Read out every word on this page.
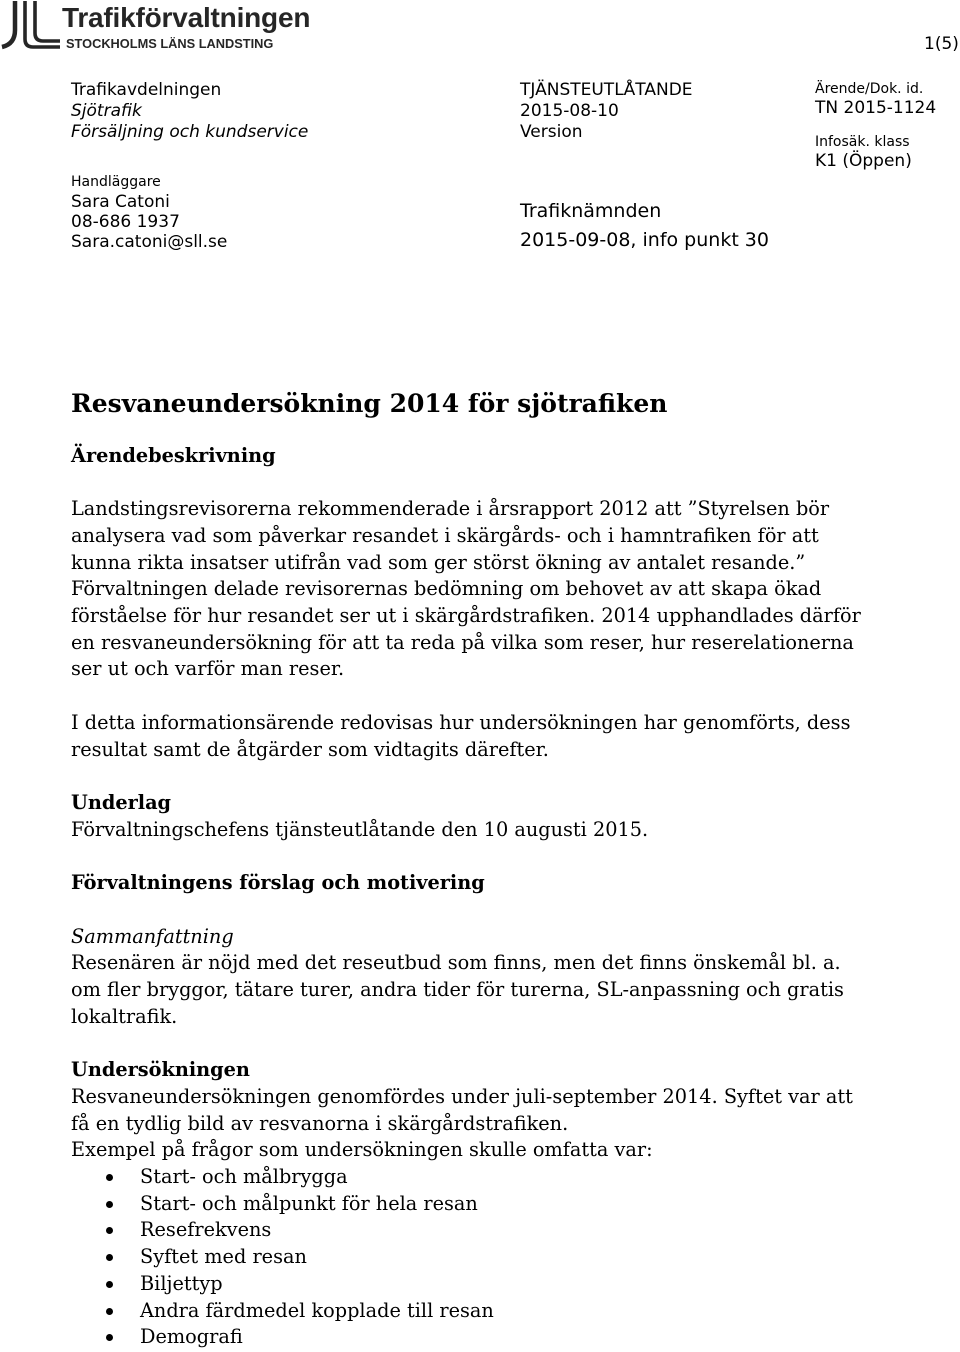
Trafikförvaltningen
STOCKHOLMS LÄNS LANDSTING	1(5)
Trafikavdelningen
Sjötrafik
Försäljning och kundservice
Handläggare
Sara Catoni
08-686 1937
Sara.catoni@sll.se
TJÄNSTEUTLÅTANDE
2015-08-10
Version
Trafiknämnden
2015-09-08, info punkt 30
Ärende/Dok. id.
TN 2015-1124
Infosäk. klass
K1 (Öppen)
Resvaneundersökning 2014 för sjötrafiken
Ärendebeskrivning
Landstingsrevisorerna rekommenderade i årsrapport 2012 att ”Styrelsen bör
analysera vad som påverkar resandet i skärgårds- och i hamntrafiken för att
kunna rikta insatser utifrån vad som ger störst ökning av antalet resande.”
Förvaltningen delade revisorernas bedömning om behovet av att skapa ökad
förståelse för hur resandet ser ut i skärgårdstrafiken. 2014 upphandlades därför
en resvaneundersökning för att ta reda på vilka som reser, hur reserelationerna
ser ut och varför man reser.
I detta informationsärende redovisas hur undersökningen har genomförts, dess
resultat samt de åtgärder som vidtagits därefter.
Underlag
Förvaltningschefens tjänsteutlåtande den 10 augusti 2015.
Förvaltningens förslag och motivering
Sammanfattning
Resenären är nöjd med det reseutbud som finns, men det finns önskemål bl. a.
om fler bryggor, tätare turer, andra tider för turerna, SL-anpassning och gratis
lokaltrafik.
Undersökningen
Resvaneundersökningen genomfördes under juli-september 2014. Syftet var att
få en tydlig bild av resvanorna i skärgårdstrafiken.
Exempel på frågor som undersökningen skulle omfatta var:
Start- och målbrygga
Start- och målpunkt för hela resan
Resefrekvens
Syftet med resan
Biljettyp
Andra färdmedel kopplade till resan
Demografi
